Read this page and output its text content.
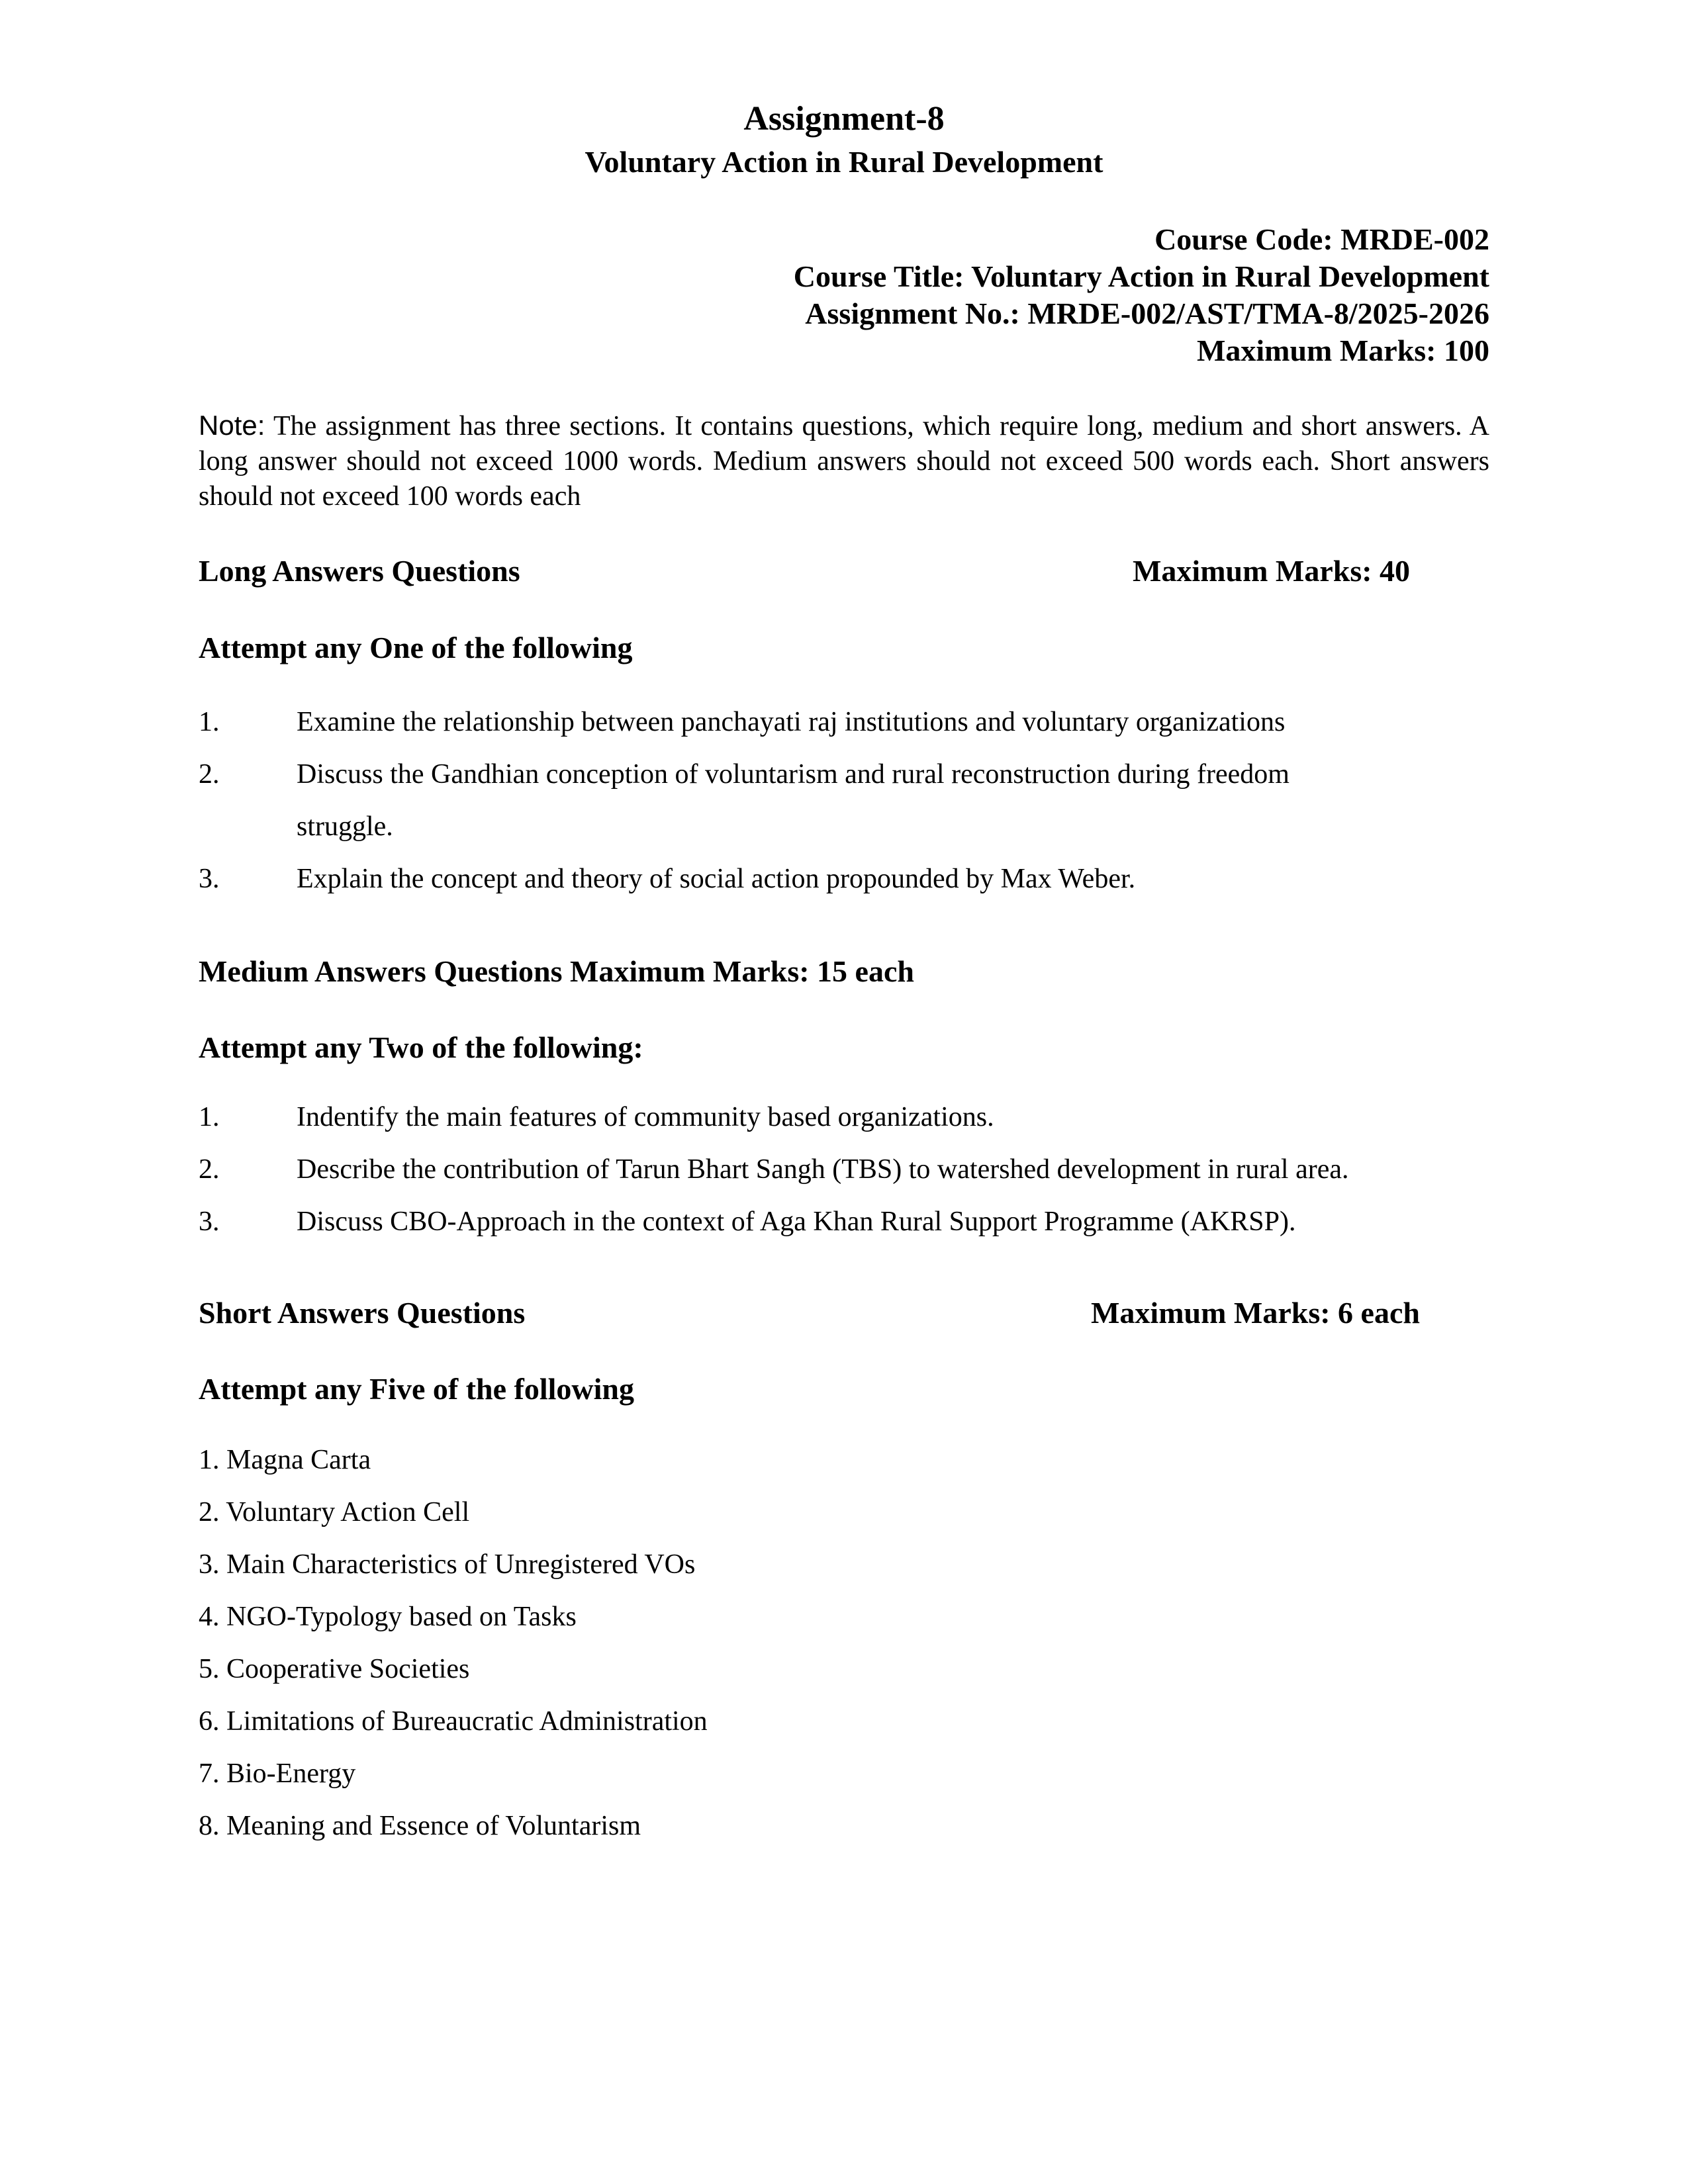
Assignment-8
Voluntary Action in Rural Development
Course Code: MRDE-002
Course Title: Voluntary Action in Rural Development
Assignment No.: MRDE-002/AST/TMA-8/2025-2026
Maximum Marks: 100
Note: The assignment has three sections. It contains questions, which require long, medium and short answers. A long answer should not exceed 1000 words. Medium answers should not exceed 500 words each. Short answers should not exceed 100 words each
Long Answers Questions	Maximum Marks: 40
Attempt any One of the following
1.	Examine the relationship between panchayati raj institutions and voluntary organizations
2.	Discuss the Gandhian conception of voluntarism and rural reconstruction during freedom
struggle.
3.	Explain the concept and theory of social action propounded by Max Weber.
Medium Answers Questions Maximum Marks: 15 each
Attempt any Two of the following:
1.	Indentify the main features of community based organizations.
2.	Describe the contribution of Tarun Bhart Sangh (TBS) to watershed development in rural area.
3.	Discuss CBO-Approach in the context of Aga Khan Rural Support Programme (AKRSP).
Short Answers Questions	Maximum Marks: 6 each
Attempt any Five of the following
1. Magna Carta
2. Voluntary Action Cell
3. Main Characteristics of Unregistered VOs
4. NGO-Typology based on Tasks
5. Cooperative Societies
6. Limitations of Bureaucratic Administration
7. Bio-Energy
8. Meaning and Essence of Voluntarism
